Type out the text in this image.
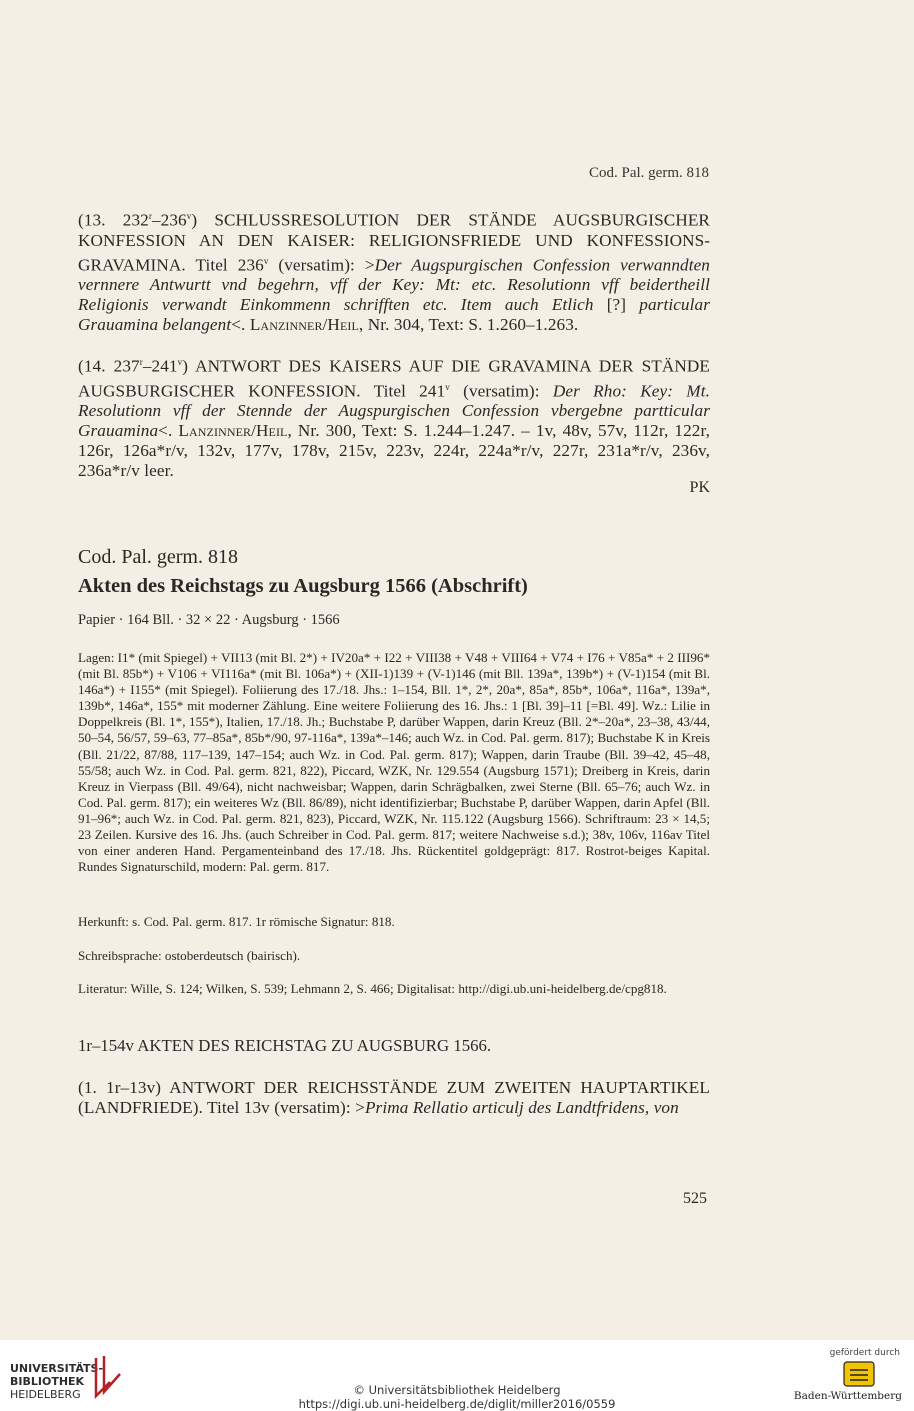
Cod. Pal. germ. 818
(13. 232$^r$–236$^v$) SCHLUSSRESOLUTION DER STÄNDE AUGSBURGISCHER KONFESSION AN DEN KAISER: RELIGIONSFRIEDE UND KONFESSIONSGRAVAMINA. Titel 236$^v$ (versatim): >Der Augspurgischen Confession verwanndten vernnere Antwurtt vnd begehrn, vff der Key: Mt: etc. Resolutionn vff beidertheill Religionis verwandt Einkommenn schrifften etc. Item auch Etlich [?] particular Grauamina belangent<. Lanzinner/Heil, Nr. 304, Text: S. 1.260–1.263.
(14. 237$^r$–241$^v$) ANTWORT DES KAISERS AUF DIE GRAVAMINA DER STÄNDE AUGSBURGISCHER KONFESSION. Titel 241$^v$ (versatim): Der Rho: Key: Mt. Resolutionn vff der Stennde der Augspurgischen Confession vbergebne partticular Grauamina<. Lanzinner/Heil, Nr. 300, Text: S. 1.244–1.247. – 1v, 48v, 57v, 112r, 122r, 126r, 126a*r/v, 132v, 177v, 178v, 215v, 223v, 224r, 224a*r/v, 227r, 231a*r/v, 236v, 236a*r/v leer.
PK
Cod. Pal. germ. 818
Akten des Reichstags zu Augsburg 1566 (Abschrift)
Papier · 164 Bll. · 32 × 22 · Augsburg · 1566
Lagen: I1* (mit Spiegel) + VII13 (mit Bl. 2*) + IV20a* + I22 + VIII38 + V48 + VIII64 + V74 + I76 + V85a* + 2 III96* (mit Bl. 85b*) + V106 + VI116a* (mit Bl. 106a*) + (XII-1)139 + (V-1)146 (mit Bll. 139a*, 139b*) + (V-1)154 (mit Bl. 146a*) + I155* (mit Spiegel). Foliierung des 17./18. Jhs.: 1–154, Bll. 1*, 2*, 20a*, 85a*, 85b*, 106a*, 116a*, 139a*, 139b*, 146a*, 155* mit moderner Zählung. Eine weitere Foliierung des 16. Jhs.: 1 [Bl. 39]–11 [=Bl. 49]. Wz.: Lilie in Doppelkreis (Bl. 1*, 155*), Italien, 17./18. Jh.; Buchstabe P, darüber Wappen, darin Kreuz (Bll. 2*–20a*, 23–38, 43/44, 50–54, 56/57, 59–63, 77–85a*, 85b*/90, 97-116a*, 139a*–146; auch Wz. in Cod. Pal. germ. 817); Buchstabe K in Kreis (Bll. 21/22, 87/88, 117–139, 147–154; auch Wz. in Cod. Pal. germ. 817); Wappen, darin Traube (Bll. 39–42, 45–48, 55/58; auch Wz. in Cod. Pal. germ. 821, 822), Piccard, WZK, Nr. 129.554 (Augsburg 1571); Dreiberg in Kreis, darin Kreuz in Vierpass (Bll. 49/64), nicht nachweisbar; Wappen, darin Schrägbalken, zwei Sterne (Bll. 65–76; auch Wz. in Cod. Pal. germ. 817); ein weiteres Wz (Bll. 86/89), nicht identifizierbar; Buchstabe P, darüber Wappen, darin Apfel (Bll. 91–96*; auch Wz. in Cod. Pal. germ. 821, 823), Piccard, WZK, Nr. 115.122 (Augsburg 1566). Schriftraum: 23 × 14,5; 23 Zeilen. Kursive des 16. Jhs. (auch Schreiber in Cod. Pal. germ. 817; weitere Nachweise s.d.); 38v, 106v, 116av Titel von einer anderen Hand. Pergamenteinband des 17./18. Jhs. Rückentitel goldgeprägt: 817. Rostrot-beiges Kapital. Rundes Signaturschild, modern: Pal. germ. 817.
Herkunft: s. Cod. Pal. germ. 817. 1r römische Signatur: 818.
Schreibsprache: ostoberdeutsch (bairisch).
Literatur: Wille, S. 124; Wilken, S. 539; Lehmann 2, S. 466; Digitalisat: http://digi.ub.uni-heidelberg.de/cpg818.
1r–154v AKTEN DES REICHSTAG ZU AUGSBURG 1566.
(1. 1r–13v) ANTWORT DER REICHSSTÄNDE ZUM ZWEITEN HAUPTARTIKEL (LANDFRIEDE). Titel 13v (versatim): >Prima Rellatio articulj des Landtfridens, von
525
UNIVERSITÄTS-
BIBLIOTHEK
HEIDELBERG	© Universitätsbibliothek Heidelberg
https://digi.ub.uni-heidelberg.de/diglit/miller2016/0559
gefördert durch
Baden-Württemberg
